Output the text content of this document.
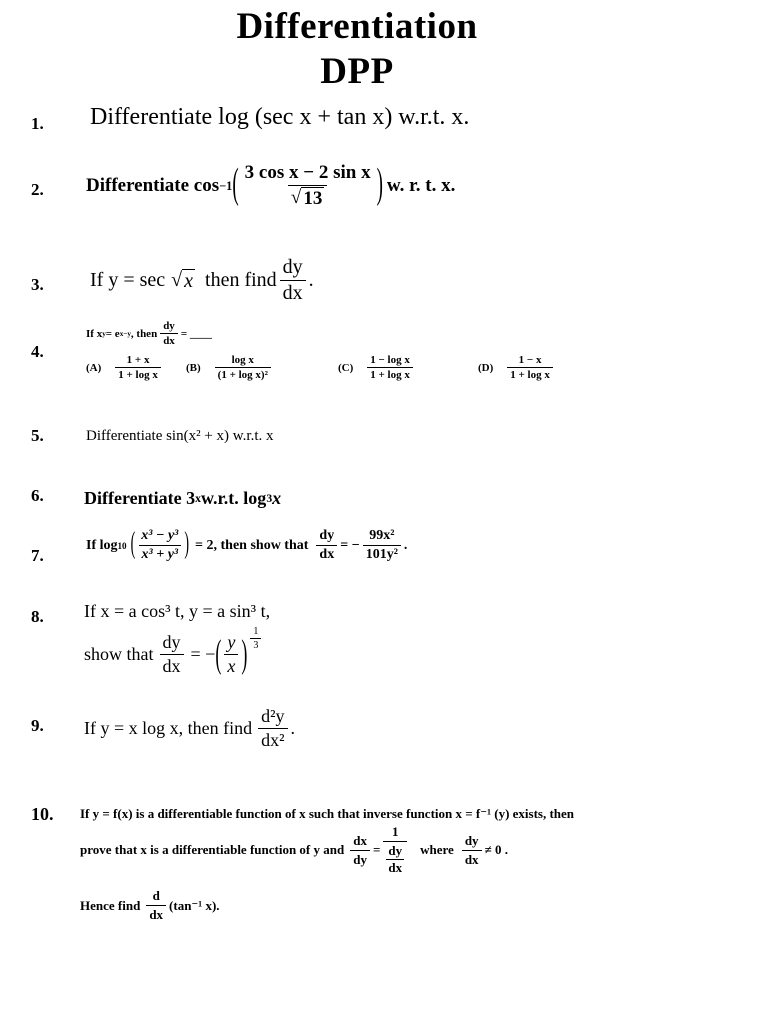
Differentiation
DPP
1. Differentiate log (sec x + tan x) w.r.t. x.
2. Differentiate cos −1 ( $\frac{\text{3 cos x − 2 sin x}}{√ 13}$ ) w. r. t. x.
3. If y = sec √ x then find $\frac{dy}{dx}$ .
4.
If x y = e x−y , then $\frac{dy}{dx}$ = ____
$(A) \frac{1 + x}{\text{1 + log x}} (B) \frac{\text{log x}}{\text{(1 + log x)²}}$	$(C) \frac{\text{1 − log x}}{\text{1 + log x}}$	$(D) \frac{1 - x}{\text{1 + log x}}$
5.	Differentiate sin(x² + x) w.r.t. x
6. Differentiate 3 x w.r.t. log 3 x
7.
If log 10 ( $\frac{\text{x³ − y³}}{\text{x³ + y³}}$ ) = 2, then show that $\frac{dy}{dx}$ = − $\frac{\text{99x²}}{\text{101y²}}$ .
8. If x = a cos³ t, y = a sin³ t,
show that $\frac{dy}{dx}$ = − ( $\frac{y}{x}$ ) $\frac{1}{3}$
9. If y = x log x, then find $\frac{\text{d²y}}{\text{dx²}}$ .
10. If y = f(x) is a differentiable function of x such that inverse function x = f⁻¹ (y) exists, then
prove that x is a differentiable function of y and $\frac{dx}{dy} = 1$
dy
dx where $\frac{dy}{dx} \ne 0$ .
Hence find $\frac{d}{dx} (\tan^{-1}$ x).
